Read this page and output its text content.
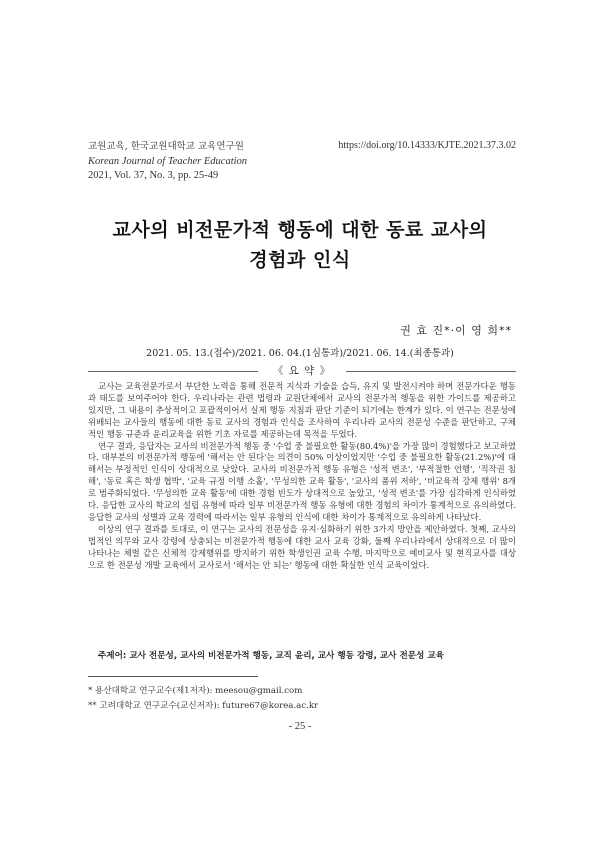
교원교육, 한국교원대학교 교육연구원
Korean Journal of Teacher Education
2021, Vol. 37, No. 3, pp. 25-49
https://doi.org/10.14333/KJTE.2021.37.3.02
교사의 비전문가적 행동에 대한 동료 교사의
경험과 인식
권 효 진*·이 영 희**
2021. 05. 13.(접수)/2021. 06. 04.(1심통과)/2021. 06. 14.(최종통과)
《 요 약 》

교사는 교육전문가로서 부단한 노력을 통해 전문적 지식과 기술을 습득, 유지 및 발전시켜야 하며 전문가다운 행동과 태도를 보여주어야 한다. 우리나라는 관련 법령과 교원단체에서 교사의 전문가적 행동을 위한 가이드를 제공하고 있지만, 그 내용이 추상적이고 포괄적이어서 실제 행동 지침과 판단 기준이 되기에는 한계가 있다. 이 연구는 전문성에 위배되는 교사들의 행동에 대한 동료 교사의 경험과 인식을 조사하여 우리나라 교사의 전문성 수준을 판단하고, 구체적인 행동 규준과 윤리교육을 위한 기초 자료를 제공하는데 목적을 두었다.

연구 결과, 응답자는 교사의 비전문가적 행동 중 '수업 중 불필요한 활동(80.4%)'을 가장 많이 경험했다고 보고하였다. 대부분의 비전문가적 행동에 '해서는 안 된다'는 의견이 50% 이상이었지만 '수업 중 불필요한 활동(21.2%)'에 대해서는 부정적인 인식이 상대적으로 낮았다. 교사의 비전문가적 행동 유형은 '성적 변조', '부적절한 언행', '직작권 침해', '동료 혹은 학생 협박', '교육 규정 이행 소홀', '무성의한 교육 활동', '교사의 품위 저하', '비교육적 강제 행위' 8개로 범주화되었다. '무성의한 교육 활동'에 대한 경험 빈도가 상대적으로 높았고, '성적 변조'를 가장 심각하게 인식하였다. 응답한 교사의 학교의 설립 유형에 따라 일부 비전문가적 행동 유형에 대한 경험의 차이가 통계적으로 유의하였다. 응답한 교사의 성별과 교육 경력에 따라서는 일부 유형의 인식에 대한 차이가 통계적으로 유의하게 나타났다.

이상의 연구 결과를 토대로, 이 연구는 교사의 전문성을 유지·심화하기 위한 3가지 방안을 제안하였다. 첫째, 교사의 법적인 의무와 교사 강령에 상충되는 비전문가적 행동에 대한 교사 교육 강화, 둘째 우리나라에서 상대적으로 더 많이 나타나는 체벌 같은 신체적 강제행위를 방지하기 위한 학생인권 교육 수행, 마지막으로 예비교사 및 현직교사를 대상으로 한 전문성 개발 교육에서 교사로서 '해서는 안 되는' 행동에 대한 확실한 인식 교육이었다.

주제어: 교사 전문성, 교사의 비전문가적 행동, 교직 윤리, 교사 행동 강령, 교사 전문성 교육
* 용산대학교 연구교수(제1저자): meesou@gmail.com
** 고려대학교 연구교수(교신저자): future67@korea.ac.kr
- 25 -
